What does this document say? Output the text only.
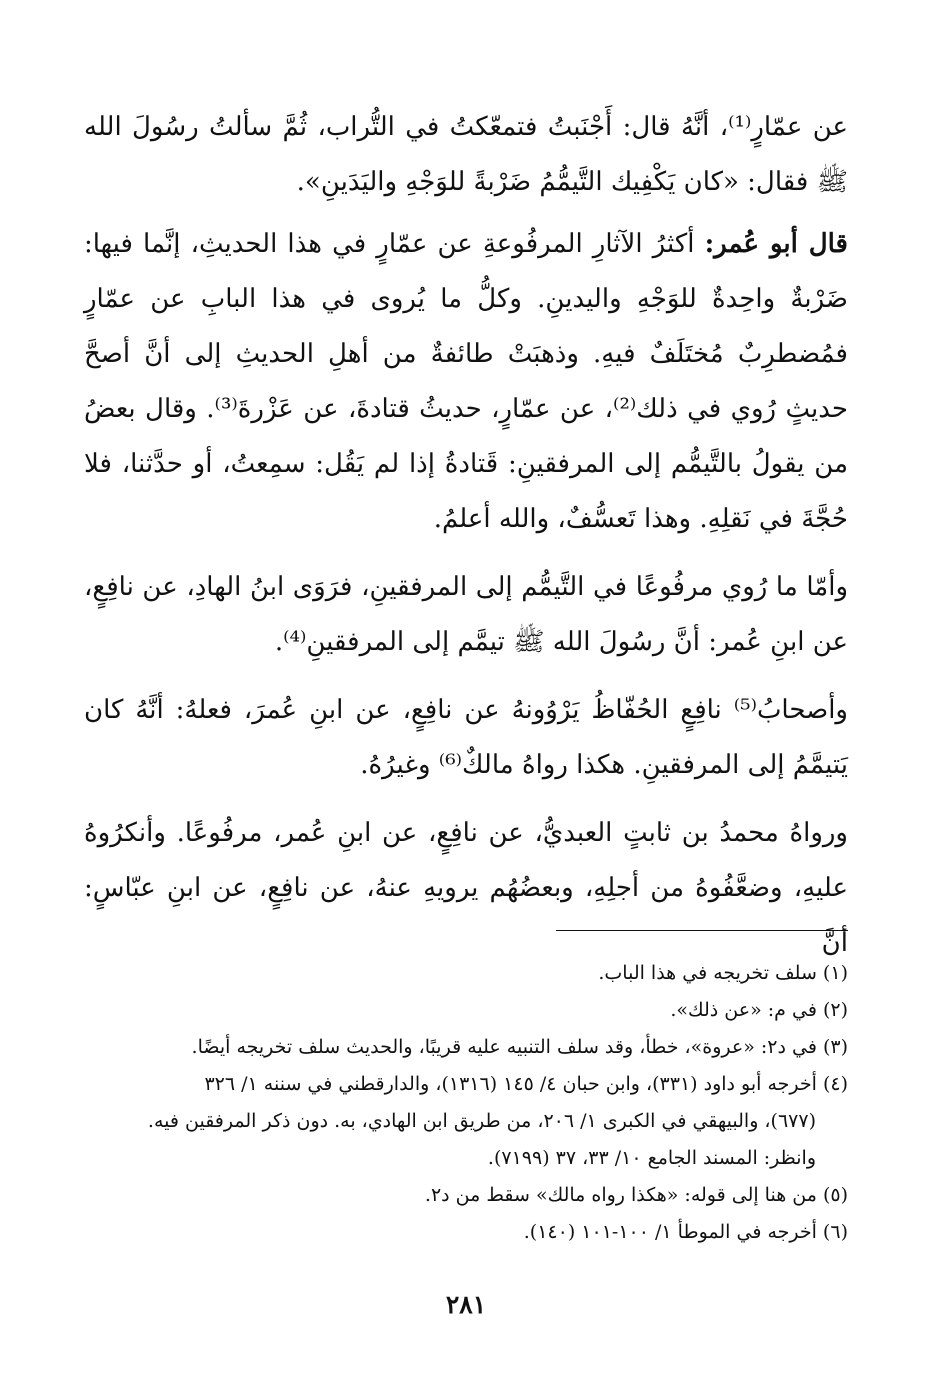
عن عمّارٍ⁽¹⁾، أنَّهُ قال: أَجْنَبتُ فتمعّكتُ في التُّراب، ثُمَّ سألتُ رسُولَ الله ﷺ فقال: «كان يَكْفِيك التَّيمُّمُ ضَرْبةً للوَجْهِ واليَدَينِ».

قال أبو عُمر: أكثرُ الآثارِ المرفُوعةِ عن عمّارٍ في هذا الحديثِ، إنَّما فيها: ضَرْبةٌ واحِدةٌ للوَجْهِ واليدينِ. وكلُّ ما يُروى في هذا البابِ عن عمّارٍ فمُضطرِبٌ مُختَلَفٌ فيهِ. وذهبَتْ طائفةٌ من أهلِ الحديثِ إلى أنَّ أصحَّ حديثٍ رُوي في ذلك⁽²⁾، عن عمّارٍ، حديثُ قتادةَ، عن عَزْرةَ⁽³⁾. وقال بعضُ من يقولُ بالتَّيمُّم إلى المرفقينِ: قَتادةُ إذا لم يَقُل: سمِعتُ، أو حدَّثنا، فلا حُجَّةَ في نَقلِهِ. وهذا تَعسُّفٌ، والله أعلمُ.

وأمّا ما رُوي مرفُوعًا في التَّيمُّم إلى المرفقينِ، فرَوَى ابنُ الهادِ، عن نافِعٍ، عن ابنِ عُمر: أنَّ رسُولَ الله ﷺ تيمَّم إلى المرفقينِ⁽⁴⁾.

وأصحابُ⁽⁵⁾ نافِعٍ الحُفّاظُ يَرْوُونهُ عن نافِعٍ، عن ابنِ عُمرَ، فعلهُ: أنَّهُ كان يَتيمَّمُ إلى المرفقينِ. هكذا رواهُ مالكٌ⁽⁶⁾ وغيرُهُ.

ورواهُ محمدُ بن ثابتٍ العبديُّ، عن نافِعٍ، عن ابنِ عُمر، مرفُوعًا. وأنكرُوهُ عليهِ، وضعَّفُوهُ من أجلِهِ، وبعضُهُم يرويهِ عنهُ، عن نافِعٍ، عن ابنِ عبّاسٍ: أنَّ

(١) سلف تخريجه في هذا الباب.

(٢) في م: «عن ذلك».

(٣) في د٢: «عروة»، خطأ، وقد سلف التنبيه عليه قريبًا، والحديث سلف تخريجه أيضًا.

(٤) أخرجه أبو داود (٣٣١)، وابن حبان ٤/ ١٤٥ (١٣١٦)، والدارقطني في سننه ١/ ٣٢٦

(٦٧٧)، والبيهقي في الكبرى ١/ ٢٠٦، من طريق ابن الهادي، به. دون ذكر المرفقين فيه.

وانظر: المسند الجامع ١٠/ ٣٣، ٣٧ (٧١٩٩).

(٥) من هنا إلى قوله: «هكذا رواه مالك» سقط من د٢.

(٦) أخرجه في الموطأ ١/ ١٠٠-١٠١ (١٤٠).

٢٨١
